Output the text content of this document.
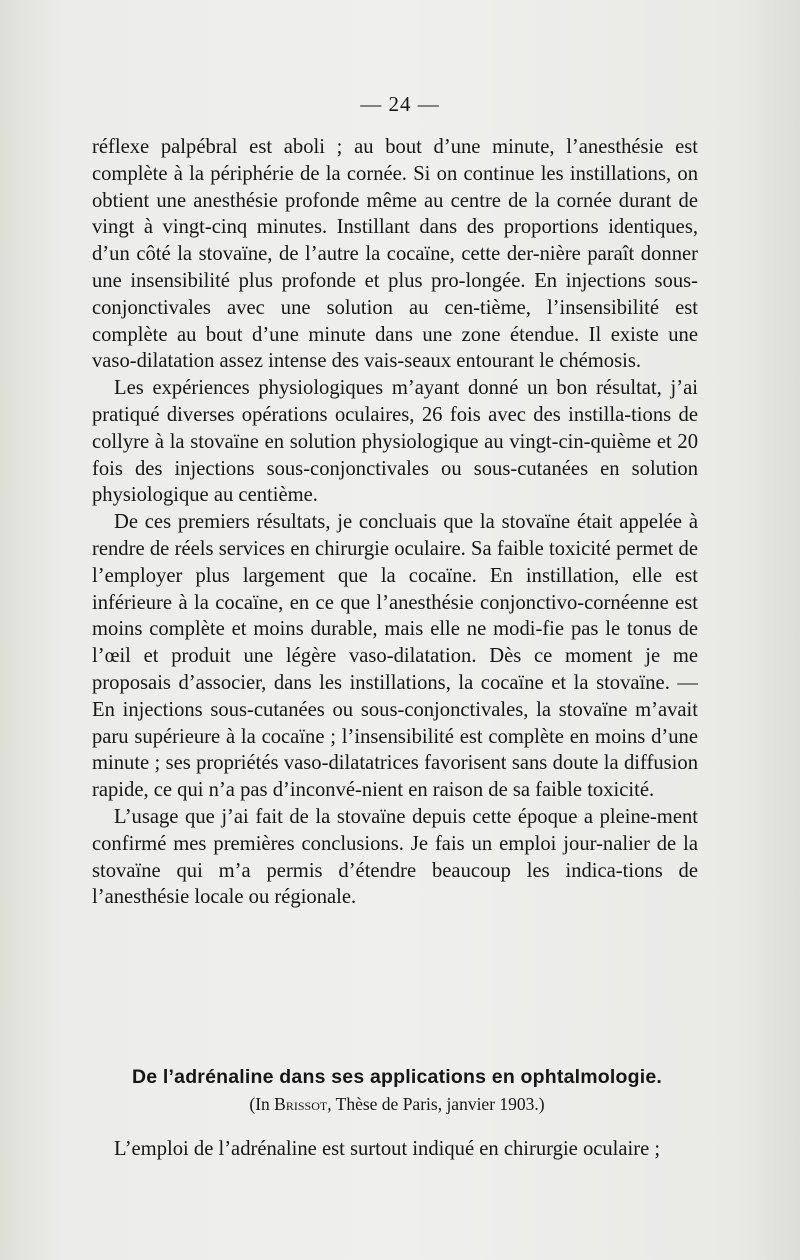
— 24 —

réflexe palpébral est aboli ; au bout d’une minute, l’anesthésie est complète à la périphérie de la cornée. Si on continue les instillations, on obtient une anesthésie profonde même au centre de la cornée durant de vingt à vingt-cinq minutes. Instillant dans des proportions identiques, d’un côté la stovaïne, de l’autre la cocaïne, cette der-nière paraît donner une insensibilité plus profonde et plus pro-longée. En injections sous-conjonctivales avec une solution au cen-tième, l’insensibilité est complète au bout d’une minute dans une zone étendue. Il existe une vaso-dilatation assez intense des vais-seaux entourant le chémosis.

Les expériences physiologiques m’ayant donné un bon résultat, j’ai pratiqué diverses opérations oculaires, 26 fois avec des instilla-tions de collyre à la stovaïne en solution physiologique au vingt-cin-quième et 20 fois des injections sous-conjonctivales ou sous-cutanées en solution physiologique au centième.

De ces premiers résultats, je concluais que la stovaïne était appelée à rendre de réels services en chirurgie oculaire. Sa faible toxicité permet de l’employer plus largement que la cocaïne. En instillation, elle est inférieure à la cocaïne, en ce que l’anesthésie conjonctivo-cornéenne est moins complète et moins durable, mais elle ne modi-fie pas le tonus de l’œil et produit une légère vaso-dilatation. Dès ce moment je me proposais d’associer, dans les instillations, la cocaïne et la stovaïne. — En injections sous-cutanées ou sous-conjonctivales, la stovaïne m’avait paru supérieure à la cocaïne ; l’insensibilité est complète en moins d’une minute ; ses propriétés vaso-dilatatrices favorisent sans doute la diffusion rapide, ce qui n’a pas d’inconvé-nient en raison de sa faible toxicité.

L’usage que j’ai fait de la stovaïne depuis cette époque a pleine-ment confirmé mes premières conclusions. Je fais un emploi jour-nalier de la stovaïne qui m’a permis d’étendre beaucoup les indica-tions de l’anesthésie locale ou régionale.

De l’adrénaline dans ses applications en ophtalmologie.
(In Brissot, Thèse de Paris, janvier 1903.)
L’emploi de l’adrénaline est surtout indiqué en chirurgie oculaire ;
